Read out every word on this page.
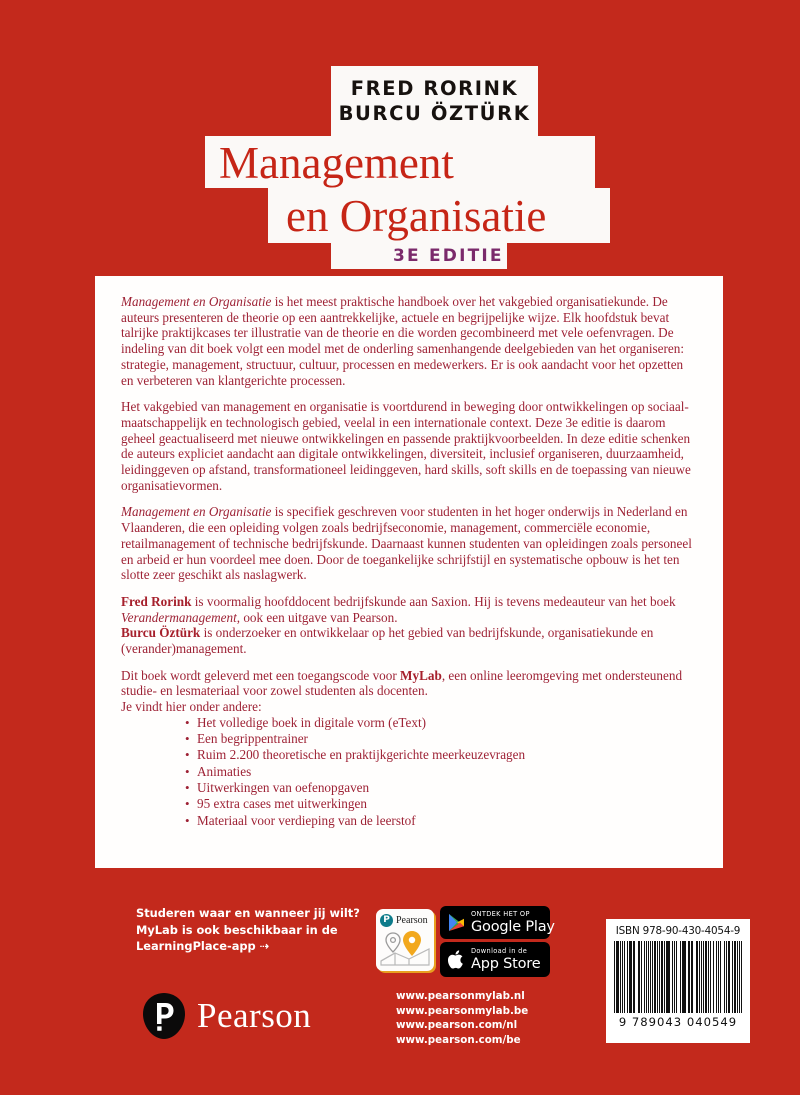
FRED RORINK
BURCU ÖZTÜRK
Management
en Organisatie
3E EDITIE

Management en Organisatie is het meest praktische handboek over het vakgebied organisatiekunde. De auteurs presenteren de theorie op een aantrekkelijke, actuele en begrijpelijke wijze. Elk hoofdstuk bevat talrijke praktijkcases ter illustratie van de theorie en die worden gecombineerd met vele oefenvragen. De indeling van dit boek volgt een model met de onderling samenhangende deelgebieden van het organiseren: strategie, management, structuur, cultuur, processen en medewerkers. Er is ook aandacht voor het opzetten en verbeteren van klantgerichte processen.

Het vakgebied van management en organisatie is voortdurend in beweging door ontwikkelingen op sociaal-maatschappelijk en technologisch gebied, veelal in een internationale context. Deze 3e editie is daarom geheel geactualiseerd met nieuwe ontwikkelingen en passende praktijkvoorbeelden. In deze editie schenken de auteurs expliciet aandacht aan digitale ontwikkelingen, diversiteit, inclusief organiseren, duurzaamheid, leidinggeven op afstand, transformationeel leidinggeven, hard skills, soft skills en de toepassing van nieuwe organisatievormen.

Management en Organisatie is specifiek geschreven voor studenten in het hoger onderwijs in Nederland en Vlaanderen, die een opleiding volgen zoals bedrijfseconomie, management, commerciële economie, retailmanagement of technische bedrijfskunde. Daarnaast kunnen studenten van opleidingen zoals personeel en arbeid er hun voordeel mee doen. Door de toegankelijke schrijfstijl en systematische opbouw is het ten slotte zeer geschikt als naslagwerk.

Fred Rorink is voormalig hoofddocent bedrijfskunde aan Saxion. Hij is tevens medeauteur van het boek Verandermanagement, ook een uitgave van Pearson.

Burcu Öztürk is onderzoeker en ontwikkelaar op het gebied van bedrijfskunde, organisatiekunde en (verander)management.

Dit boek wordt geleverd met een toegangscode voor MyLab, een online leeromgeving met ondersteunend studie- en lesmateriaal voor zowel studenten als docenten.

Je vindt hier onder andere:

• Het volledige boek in digitale vorm (eText)
• Een begrippentrainer
• Ruim 2.200 theoretische en praktijkgerichte meerkeuzevragen
• Animaties
• Uitwerkingen van oefenopgaven
• 95 extra cases met uitwerkingen
• Materiaal voor verdieping van de leerstof
Studeren waar en wanneer jij wilt?
MyLab is ook beschikbaar in de
LearningPlace-app ⇢
P Pearson
ONTDEK HET OP
Google Play
Download in de
App Store
Pearson	www.pearsonmylab.nl
www.pearsonmylab.be
www.pearson.com/nl
www.pearson.com/be
ISBN 978-90-430-4054-9
9 789043 040549
